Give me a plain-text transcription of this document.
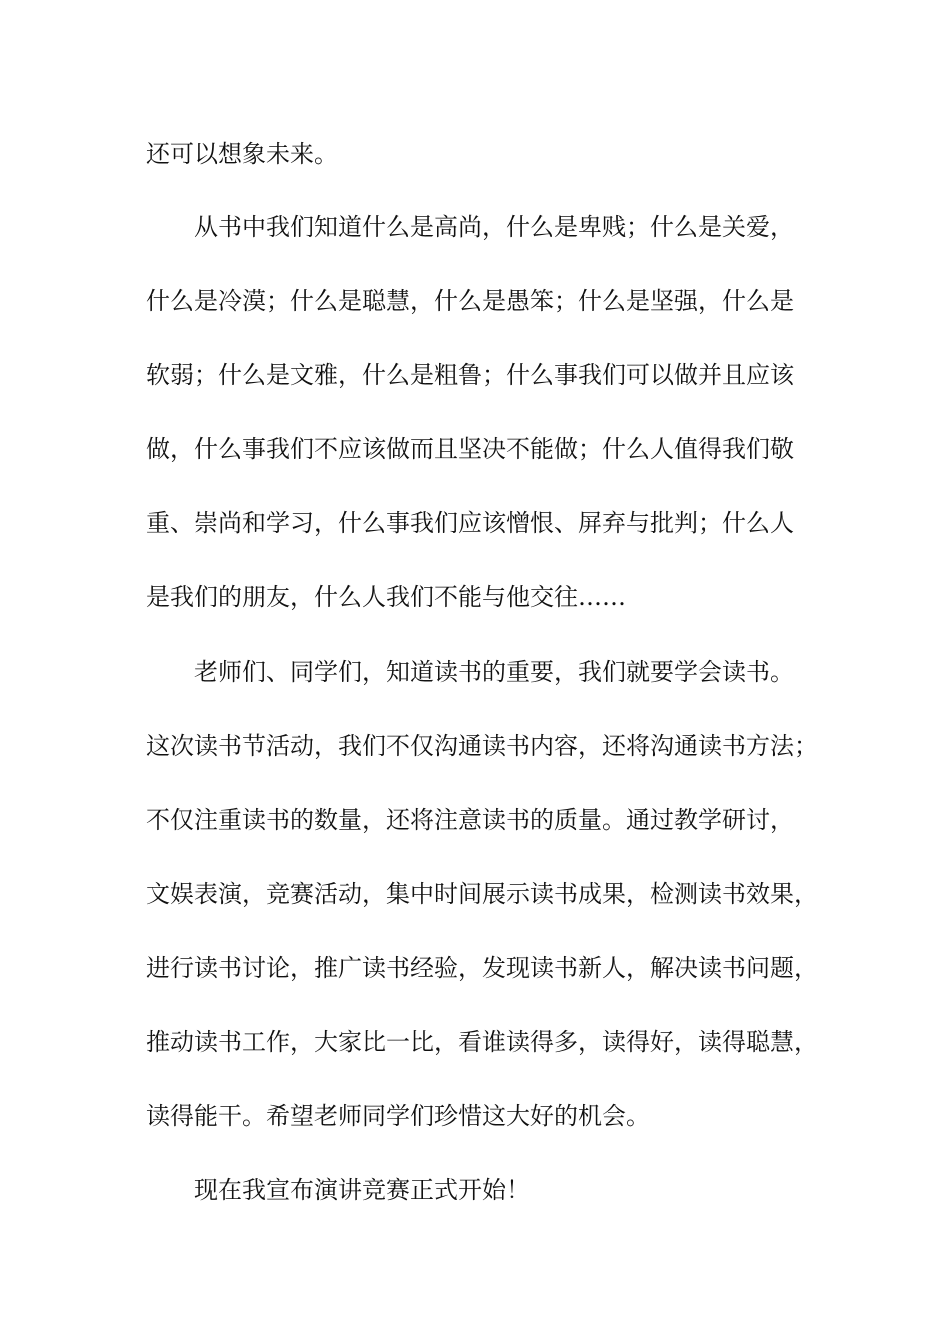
还可以想象未来。
从书中我们知道什么是高尚，什么是卑贱；什么是关爱，
什么是冷漠；什么是聪慧，什么是愚笨；什么是坚强，什么是
软弱；什么是文雅，什么是粗鲁；什么事我们可以做并且应该
做，什么事我们不应该做而且坚决不能做；什么人值得我们敬
重、崇尚和学习，什么事我们应该憎恨、屏弃与批判；什么人
是我们的朋友，什么人我们不能与他交往……
老师们、同学们，知道读书的重要，我们就要学会读书。
这次读书节活动，我们不仅沟通读书内容，还将沟通读书方法；
不仅注重读书的数量，还将注意读书的质量。通过教学研讨，
文娱表演，竞赛活动，集中时间展示读书成果，检测读书效果，
进行读书讨论，推广读书经验，发现读书新人，解决读书问题，
推动读书工作，大家比一比，看谁读得多，读得好，读得聪慧，
读得能干。希望老师同学们珍惜这大好的机会。
现在我宣布演讲竞赛正式开始！
